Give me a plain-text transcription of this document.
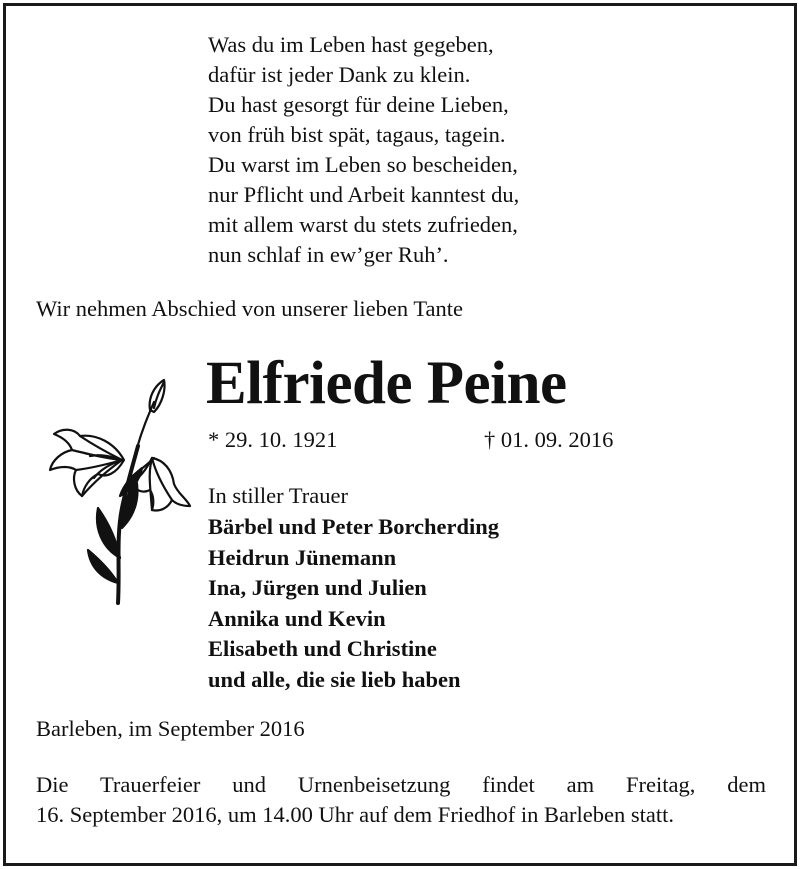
Was du im Leben hast gegeben,
dafür ist jeder Dank zu klein.
Du hast gesorgt für deine Lieben,
von früh bist spät, tagaus, tagein.
Du warst im Leben so bescheiden,
nur Pflicht und Arbeit kanntest du,
mit allem warst du stets zufrieden,
nun schlaf in ew’ger Ruh’.
Wir nehmen Abschied von unserer lieben Tante
Elfriede Peine
* 29. 10. 1921	† 01. 09. 2016
In stiller Trauer
Bärbel und Peter Borcherding
Heidrun Jünemann
Ina, Jürgen und Julien
Annika und Kevin
Elisabeth und Christine
und alle, die sie lieb haben
Barleben, im September 2016
Die Trauerfeier und Urnenbeisetzung findet am Freitag, dem
16. September 2016, um 14.00 Uhr auf dem Friedhof in Barleben statt.
